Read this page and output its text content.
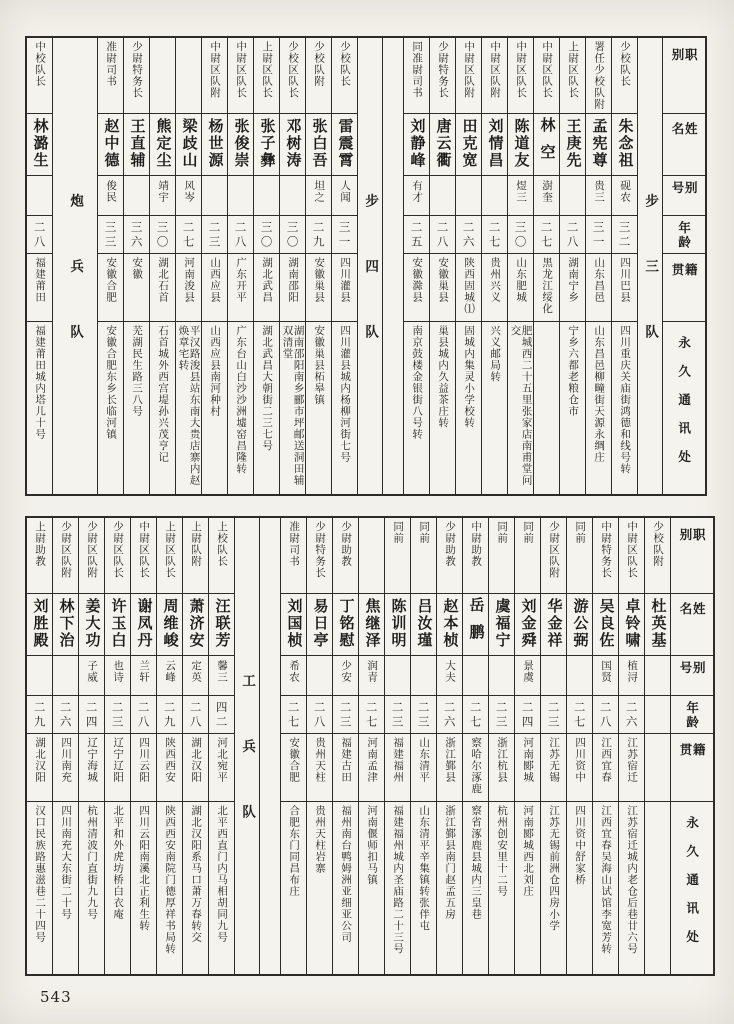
职别
姓名
别号
年龄
籍贯
永久通讯处
步三队
少校队长
朱念祖
砚农
三二
四川巴县
四川重庆关庙街鸿德和线号转
署任少校队附
孟宪尊
贵三
三一
山东昌邑
山东昌邑柳疃街天源永绸庄
上尉区队长
王庚先
二八
湖南宁乡
宁乡六都老粮仓市
中尉区队长
林空
澍奎
二七
黑龙江绥化
中尉区队长
陈道友
煜三
三〇
山东肥城
肥城西二十五里张家店南甫堂问交
中尉区队附
刘情昌
二七
贵州兴义
兴义邮局转
中尉区队附
田克宽
二六
陕西固城⑴
固城内集灵小学校转
少尉特务长
唐云衢
二八
安徽巢县
巢县城内久益茶庄转
同准尉司书
刘静峰
有才
二五
安徽滁县
南京鼓楼金银街八号转
步四队
少校队长
雷震霄
人闻
三一
四川灌县
四川灌县城内杨柳河街七号
少校队附
张白吾
坦之
二九
安徽巢县
安徽巢县柘皋镇
少校区队长
邓树涛
三〇
湖南邵阳
湖南邵阳南乡郦市坪邮送洞田辅双清堂
上尉区队长
张子彝
三〇
湖北武昌
湖北武昌大朝街二三七号
中尉区队长
张俊崇
二八
广东开平
广东台山白沙沙洲墟窑昌隆转
中尉区队附
杨世源
二三
山西应县
山西应县南河种村
梁歧山
风岑
二七
河南浚县
平汉路浚县站东南大贵店寨内赵焕章宅转
熊定尘
靖宇
三〇
湖北石首
石首城外西宫堤孙兴茂亨记
少尉特务长
王直辅
三六
安徽
芜湖民生路三八号
准尉司书
赵中德
俊民
三三
安徽合肥
安徽合肥东乡长临河镇
炮兵队
中校队长
林潞生
二八
福建莆田
福建莆田城内塔儿十号
职别
姓名
别号
年龄
籍贯
永久通讯处
少校队附
杜英基
中尉区队长
卓铃啸
植浔
二六
江苏宿迁
江苏宿迁城内老仓后巷廿六号
中尉特务长
吴良佐
国贤
二八
江西宜春
江西宜春吴海山试馆李宽芳转
同前
游公弼
二七
四川资中
四川资中舒家桥
少尉区队附
华金祥
二三
江苏无锡
江苏无锡前洲仓四房小学
同前
刘金舜
景虞
二四
河南郾城
河南郾城西北刘庄
同前
虞福宁
二三
浙江杭县
杭州创安里十二号
中尉助教
岳鹏
二七
察哈尔涿鹿
察省涿鹿县城内三皇巷
少尉助教
赵本桢
大夫
二六
浙江鄞县
浙江鄞县南门赵孟五房
同前
吕汝瑾
二三
山东清平
山东清平辛集镇转张伴屯
同前
陈训明
二三
福建福州
福建福州城内圣庙路二十三号
焦继泽
润青
二七
河南孟津
河南偃师扣马镇
少尉助教
丁铭慰
少安
二三
福建古田
福州南台鸭姆洲亚细亚公司
少尉特务长
易日亭
二八
贵州天柱
贵州天柱岩寨
准尉司书
刘国桢
希农
二七
安徽合肥
合肥东门同昌布庄
工兵队
上校队长
汪联芳
馨三
四二
河北宛平
北平西直门内马相胡同九号
上尉队附
萧济安
定英
二八
湖北汉阳
湖北汉阳系马口萧万春转交
上尉区队长
周维峻
云峰
二九
陕西西安
陕西西安南院门德厚祥书局转
中尉区队长
谢凤丹
兰轩
二八
四川云阳
四川云阳南溪北正利生转
少尉区队长
许玉白
也诗
二三
辽宁辽阳
北平和外虎坊桥白衣庵
少尉区队附
姜大功
子威
二四
辽宁海城
杭州清波门直街九九号
少尉区队附
林下治
二六
四川南充
四川南充大东街二十号
上尉助教
刘胜殿
二九
湖北汉阳
汉口民族路惠滋巷二十四号
543
